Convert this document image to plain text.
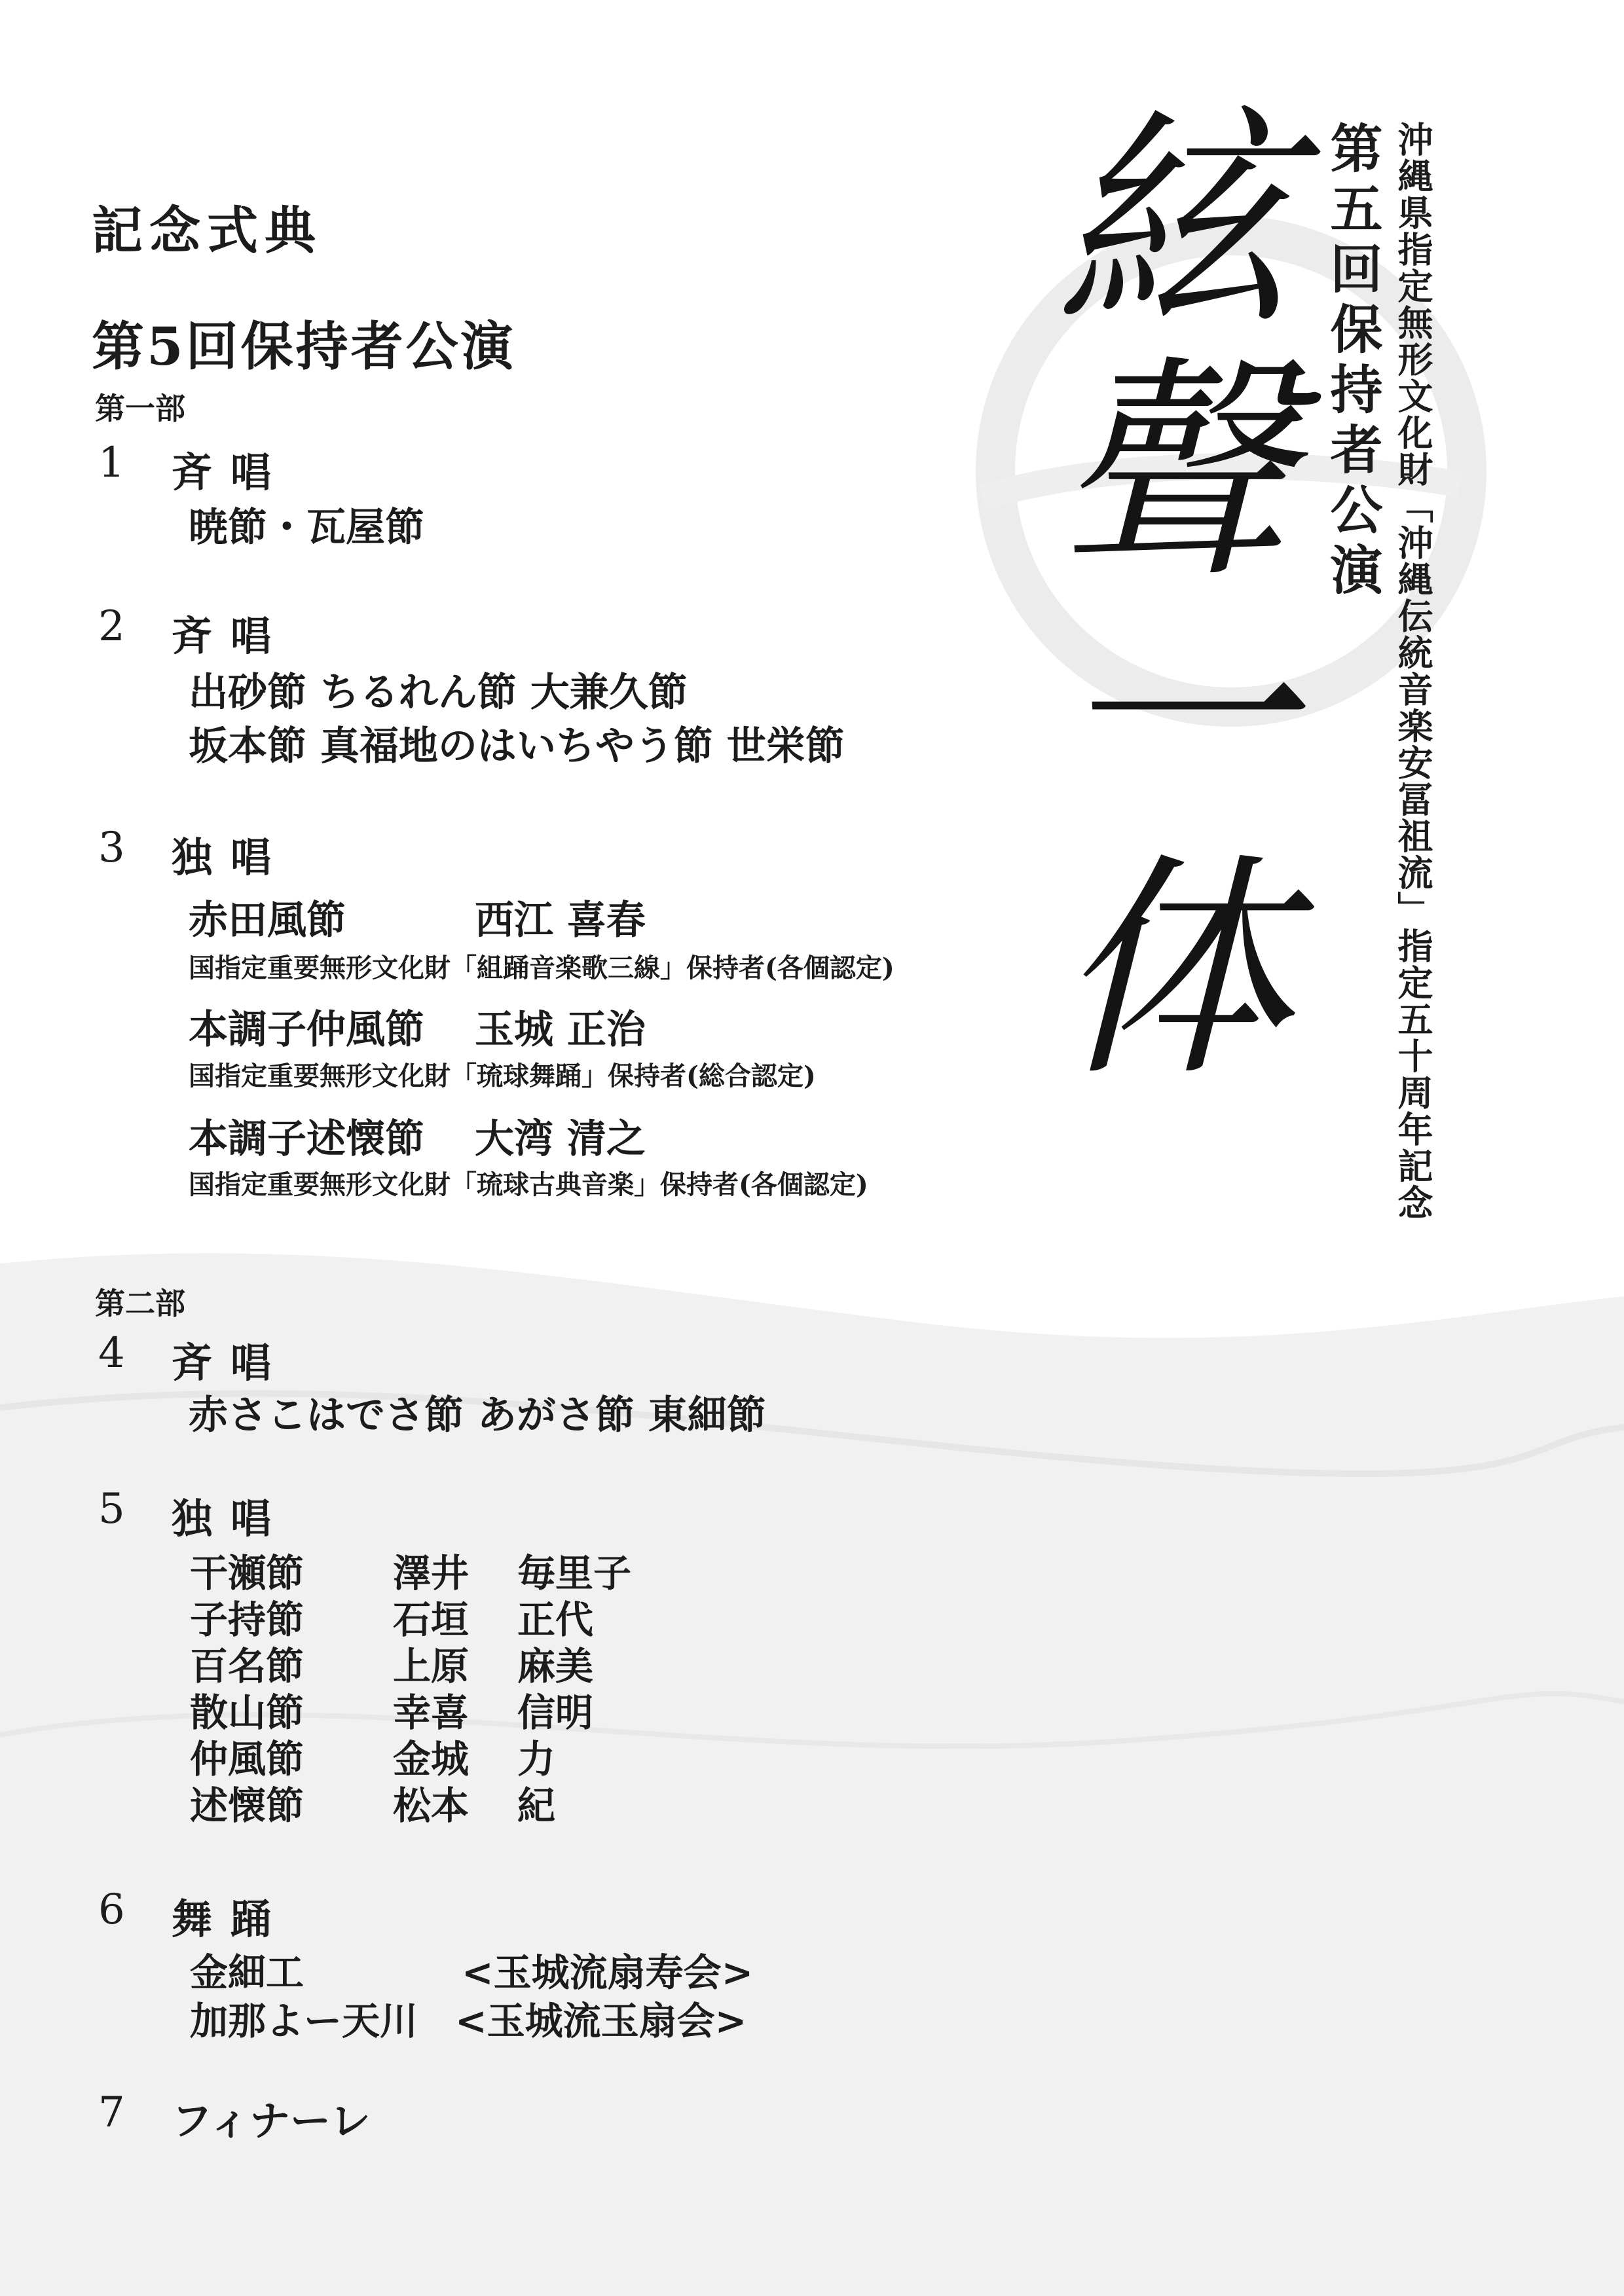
沖縄県指定無形文化財「沖縄伝統音楽安冨祖流」指定五十周年記念
第五回保持者公演
絃聲一体
記念式典
第5回保持者公演
第一部
1 斉唱
暁節・瓦屋節
2 斉唱
出砂節 ちるれん節 大兼久節
坂本節 真福地のはいちやう節 世栄節
3 独唱
赤田風節	西江 喜春
国指定重要無形文化財「組踊音楽歌三線」保持者(各個認定)
本調子仲風節 玉城 正治
国指定重要無形文化財「琉球舞踊」保持者(総合認定)
本調子述懐節 大湾 清之
国指定重要無形文化財「琉球古典音楽」保持者(各個認定)
第二部
4 斉唱
赤さこはでさ節 あがさ節 東細節
5 独唱
干瀬節 澤井 毎里子
子持節 石垣 正代
百名節 上原 麻美
散山節 幸喜 信明
仲風節 金城 力
述懐節 松本 紀
6 舞踊
金細工	<玉城流扇寿会>
加那よー天川 <玉城流玉扇会>
7 フィナーレ
